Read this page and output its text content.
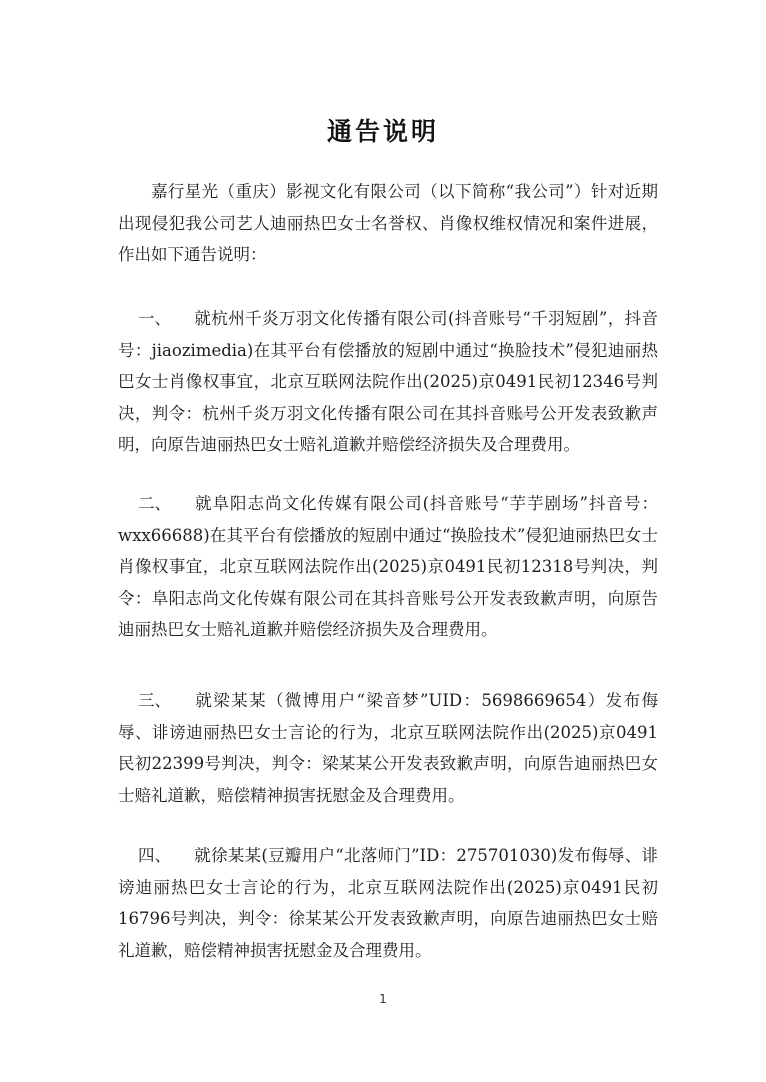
通告说明

嘉行星光（重庆）影视文化有限公司（以下简称“我公司”）针对近期出现侵犯我公司艺人迪丽热巴女士名誉权、肖像权维权情况和案件进展，作出如下通告说明：

一、 就杭州千炎万羽文化传播有限公司(抖音账号“千羽短剧”，抖音号：jiaozimedia)在其平台有偿播放的短剧中通过“换脸技术”侵犯迪丽热巴女士肖像权事宜，北京互联网法院作出(2025)京0491民初12346号判决，判令：杭州千炎万羽文化传播有限公司在其抖音账号公开发表致歉声明，向原告迪丽热巴女士赔礼道歉并赔偿经济损失及合理费用。

二、 就阜阳志尚文化传媒有限公司(抖音账号“芋芋剧场”抖音号：wxx66688)在其平台有偿播放的短剧中通过“换脸技术”侵犯迪丽热巴女士肖像权事宜，北京互联网法院作出(2025)京0491民初12318号判决，判令：阜阳志尚文化传媒有限公司在其抖音账号公开发表致歉声明，向原告迪丽热巴女士赔礼道歉并赔偿经济损失及合理费用。

三、 就梁某某（微博用户“梁音梦”UID：5698669654）发布侮辱、诽谤迪丽热巴女士言论的行为，北京互联网法院作出(2025)京0491民初22399号判决，判令：梁某某公开发表致歉声明，向原告迪丽热巴女士赔礼道歉，赔偿精神损害抚慰金及合理费用。

四、 就徐某某(豆瓣用户“北落师门”ID：275701030)发布侮辱、诽谤迪丽热巴女士言论的行为，北京互联网法院作出(2025)京0491民初16796号判决，判令：徐某某公开发表致歉声明，向原告迪丽热巴女士赔礼道歉，赔偿精神损害抚慰金及合理费用。

1
